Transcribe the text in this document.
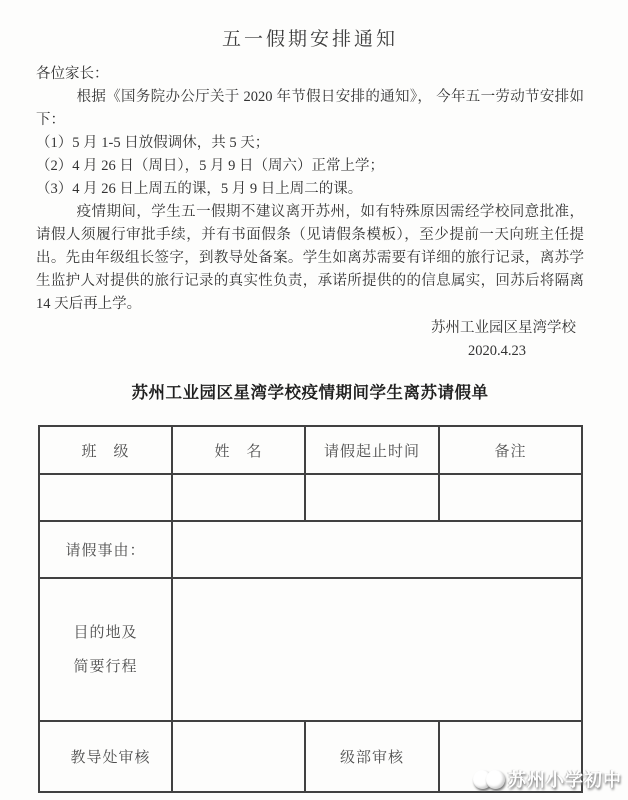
五一假期安排通知
各位家长：
根据《国务院办公厅关于 2020 年节假日安排的通知》， 今年五一劳动节安排如下：
（1）5 月 1-5 日放假调休，共 5 天；
（2）4 月 26 日（周日），5 月 9 日（周六）正常上学；
（3）4 月 26 日上周五的课，5 月 9 日上周二的课。
疫情期间，学生五一假期不建议离开苏州，如有特殊原因需经学校同意批准，请假人须履行审批手续，并有书面假条（见请假条模板），至少提前一天向班主任提出。先由年级组长签字，到教导处备案。学生如离苏需要有详细的旅行记录，离苏学生监护人对提供的旅行记录的真实性负责，承诺所提供的的信息属实，回苏后将隔离 14 天后再上学。
苏州工业园区星湾学校
2020.4.23
苏州工业园区星湾学校疫情期间学生离苏请假单
班　级	姓　名	请假起止时间	备注

请假事由：			

目的地及
简要行程			

教导处审核		级部审核	
苏州小学初中
